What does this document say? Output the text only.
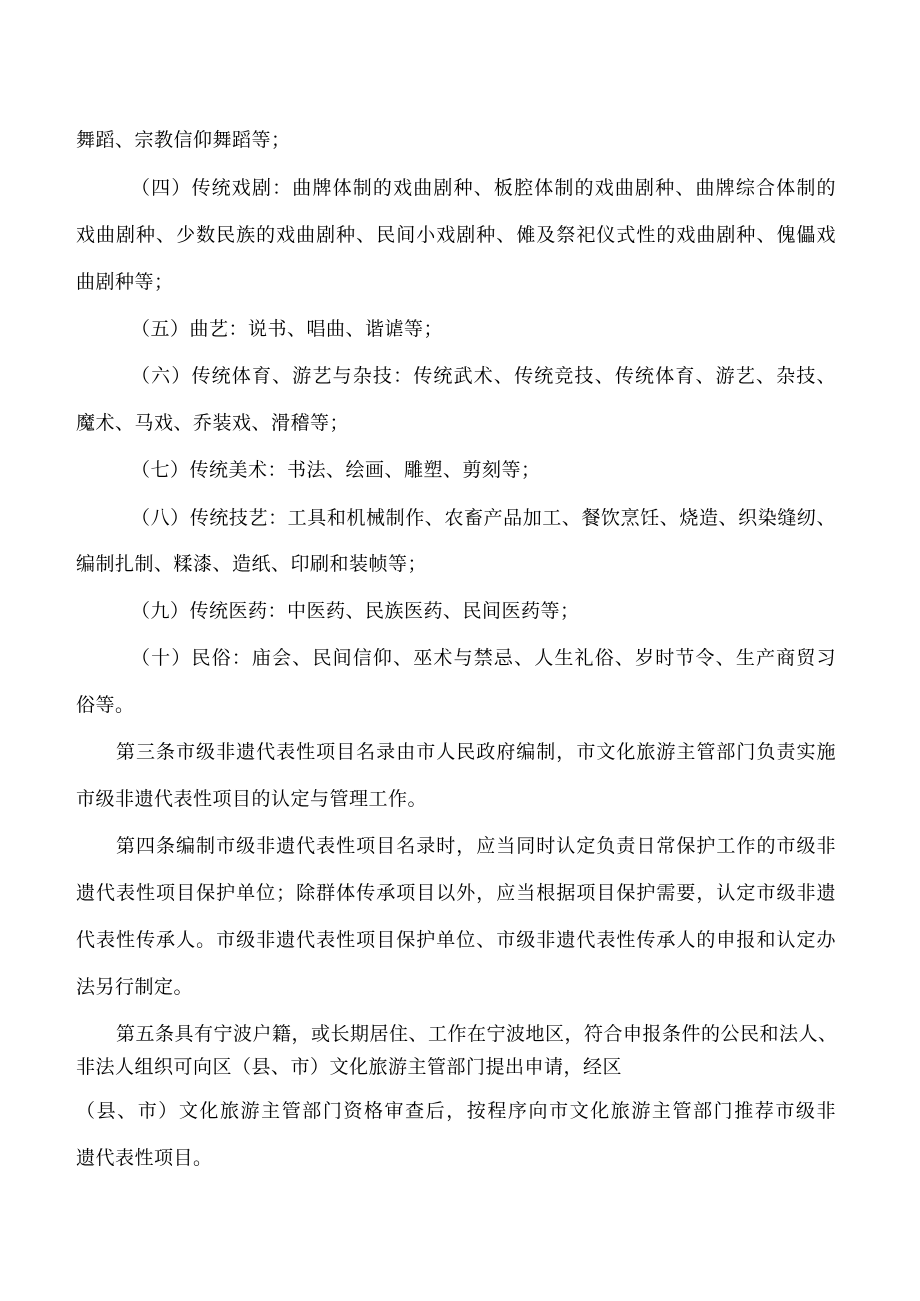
舞蹈、宗教信仰舞蹈等；
（四）传统戏剧：曲牌体制的戏曲剧种、板腔体制的戏曲剧种、曲牌综合体制的
戏曲剧种、少数民族的戏曲剧种、民间小戏剧种、傩及祭祀仪式性的戏曲剧种、傀儡戏
曲剧种等；
（五）曲艺：说书、唱曲、谐谑等；
（六）传统体育、游艺与杂技：传统武术、传统竞技、传统体育、游艺、杂技、
魔术、马戏、乔装戏、滑稽等；
（七）传统美术：书法、绘画、雕塑、剪刻等；
（八）传统技艺：工具和机械制作、农畜产品加工、餐饮烹饪、烧造、织染缝纫、
编制扎制、糅漆、造纸、印刷和装帧等；
（九）传统医药：中医药、民族医药、民间医药等；
（十）民俗：庙会、民间信仰、巫术与禁忌、人生礼俗、岁时节令、生产商贸习
俗等。
第三条市级非遗代表性项目名录由市人民政府编制，市文化旅游主管部门负责实施
市级非遗代表性项目的认定与管理工作。
第四条编制市级非遗代表性项目名录时，应当同时认定负责日常保护工作的市级非
遗代表性项目保护单位；除群体传承项目以外，应当根据项目保护需要，认定市级非遗
代表性传承人。市级非遗代表性项目保护单位、市级非遗代表性传承人的申报和认定办
法另行制定。
第五条具有宁波户籍，或长期居住、工作在宁波地区，符合申报条件的公民和法人、
非法人组织可向区（县、市）文化旅游主管部门提出申请，经区
（县、市）文化旅游主管部门资格审查后，按程序向市文化旅游主管部门推荐市级非
遗代表性项目。
